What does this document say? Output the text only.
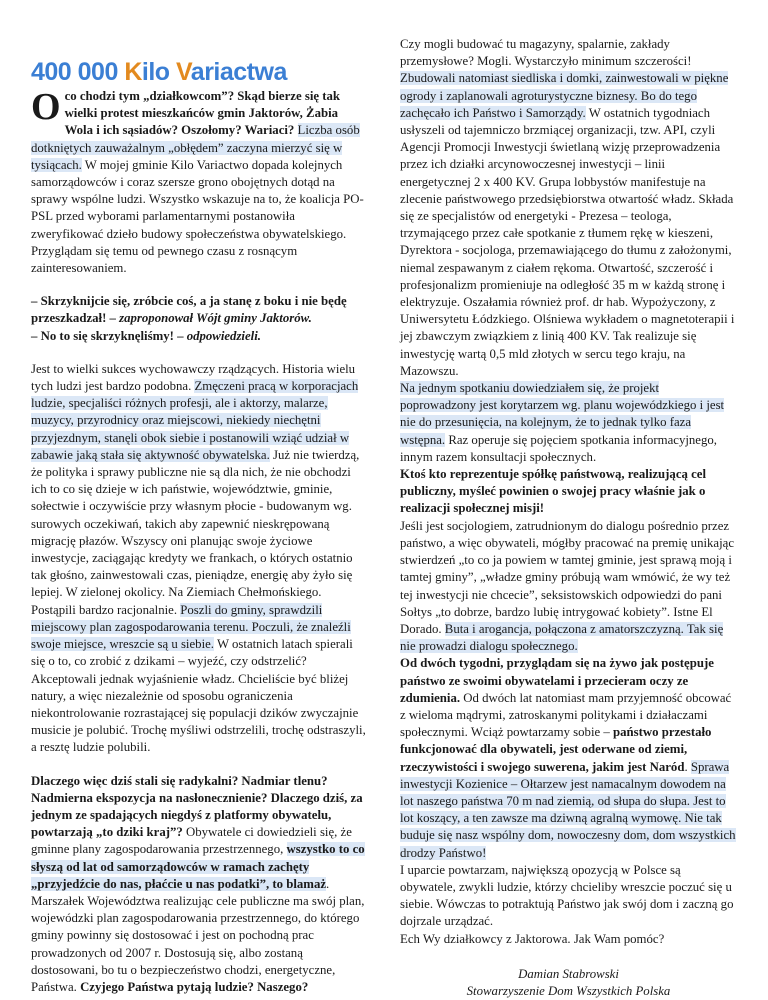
400 000 Kilo Variactwa

Oco chodzi tym „działkowcom”? Skąd bierze się tak wielki protest mieszkańców gmin Jaktorów, Żabia Wola i ich sąsiadów? Oszołomy? Wariaci? Liczba osób dotkniętych zauważalnym „obłędem” zaczyna mierzyć się w tysiącach. W mojej gminie Kilo Variactwo dopada kolejnych samorządowców i coraz szersze grono obojętnych dotąd na sprawy wspólne ludzi. Wszystko wskazuje na to, że koalicja PO-PSL przed wyborami parlamentarnymi postanowiła zweryfikować dzieło budowy społeczeństwa obywatelskiego. Przyglądam się temu od pewnego czasu z rosnącym zainteresowaniem.

– Skrzyknijcie się, zróbcie coś, a ja stanę z boku i nie będę przeszkadzał! – zaproponował Wójt gminy Jaktorów.
– No to się skrzyknęliśmy! – odpowiedzieli.

Jest to wielki sukces wychowawczy rządzących. Historia wielu tych ludzi jest bardzo podobna. Zmęczeni pracą w korporacjach ludzie, specjaliści różnych profesji, ale i aktorzy, malarze, muzycy, przyrodnicy oraz miejscowi, niekiedy niechętni przyjezdnym, stanęli obok siebie i postanowili wziąć udział w zabawie jaką stała się aktywność obywatelska. Już nie twierdzą, że polityka i sprawy publiczne nie są dla nich, że nie obchodzi ich to co się dzieje w ich państwie, województwie, gminie, sołectwie i oczywiście przy własnym płocie - budowanym wg. surowych oczekiwań, takich aby zapewnić nieskrępowaną migrację płazów. Wszyscy oni planując swoje życiowe inwestycje, zaciągając kredyty we frankach, o których ostatnio tak głośno, zainwestowali czas, pieniądze, energię aby żyło się lepiej. W zielonej okolicy. Na Ziemiach Chełmońskiego. Postąpili bardzo racjonalnie. Poszli do gminy, sprawdzili miejscowy plan zagospodarowania terenu. Poczuli, że znaleźli swoje miejsce, wreszcie są u siebie. W ostatnich latach spierali się o to, co zrobić z dzikami – wyjeźć, czy odstrzelić? Akceptowali jednak wyjaśnienie władz. Chcieliście być bliżej natury, a więc niezależnie od sposobu ograniczenia niekontrolowanie rozrastającej się populacji dzików zwyczajnie musicie je polubić. Trochę myśliwi odstrzelili, trochę odstraszyli, a resztę ludzie polubili.

Dlaczego więc dziś stali się radykalni? Nadmiar tlenu? Nadmierna ekspozycja na nasłonecznienie? Dlaczego dziś, za jednym ze spadających niegdyś z platformy obywatelu, powtarzają „to dziki kraj”? Obywatele ci dowiedzieli się, że gminne plany zagospodarowania przestrzennego, wszystko to co słyszą od lat od samorządowców w ramach zachęty „przyjedźcie do nas, płaćcie u nas podatki”, to blamaż. Marszałek Województwa realizując cele publiczne ma swój plan, wojewódzki plan zagospodarowania przestrzennego, do którego gminy powinny się dostosować i jest on pochodną prac prowadzonych od 2007 r. Dostosują się, albo zostaną dostosowani, bo tu o bezpieczeństwo chodzi, energetyczne, Państwa. Czyjego Państwa pytają ludzie? Naszego?

Czy mogli budować tu magazyny, spalarnie, zakłady przemysłowe? Mogli. Wystarczyło minimum szczerości! Zbudowali natomiast siedliska i domki, zainwestowali w piękne ogrody i zaplanowali agroturystyczne biznesy. Bo do tego zachęcało ich Państwo i Samorządy. W ostatnich tygodniach usłyszeli od tajemniczo brzmiącej organizacji, tzw. API, czyli Agencji Promocji Inwestycji świetlaną wizję przeprowadzenia przez ich działki arcynowoczesnej inwestycji – linii energetycznej 2 x 400 KV. Grupa lobbystów manifestuje na zlecenie państwowego przedsiębiorstwa otwartość władz. Składa się ze specjalistów od energetyki - Prezesa – teologa, trzymającego przez całe spotkanie z tłumem rękę w kieszeni, Dyrektora - socjologa, przemawiającego do tłumu z założonymi, niemal zespawanym z ciałem rękoma. Otwartość, szczerość i profesjonalizm promieniuje na odległość 35 m w każdą stronę i elektryzuje. Oszałamia również prof. dr hab. Wypożyczony, z Uniwersytetu Łódzkiego. Olśniewa wykładem o magnetoterapii i jej zbawczym związkiem z linią 400 KV. Tak realizuje się inwestycję wartą 0,5 mld złotych w sercu tego kraju, na Mazowszu.

Na jednym spotkaniu dowiedziałem się, że projekt poprowadzony jest korytarzem wg. planu wojewódzkiego i jest nie do przesunięcia, na kolejnym, że to jednak tylko faza wstępna. Raz operuje się pojęciem spotkania informacyjnego, innym razem konsultacji społecznych.

Ktoś kto reprezentuje spółkę państwową, realizującą cel publiczny, myśleć powinien o swojej pracy właśnie jak o realizacji społecznej misji!

Jeśli jest socjologiem, zatrudnionym do dialogu pośrednio przez państwo, a więc obywateli, mógłby pracować na premię unikając stwierdzeń „to co ja powiem w tamtej gminie, jest sprawą moją i tamtej gminy”, „władze gminy próbują wam wmówić, że wy też tej inwestycji nie chcecie”, seksistowskich odpowiedzi do pani Sołtys „to dobrze, bardzo lubię intrygować kobiety”. Istne El Dorado. Buta i arogancja, połączona z amatorszczyzną. Tak się nie prowadzi dialogu społecznego.

Od dwóch tygodni, przyglądam się na żywo jak postępuje państwo ze swoimi obywatelami i przecieram oczy ze zdumienia. Od dwóch lat natomiast mam przyjemność obcować z wieloma mądrymi, zatroskanymi politykami i działaczami społecznymi. Wciąż powtarzamy sobie – państwo przestało funkcjonować dla obywateli, jest oderwane od ziemi, rzeczywistości i swojego suwerena, jakim jest Naród. Sprawa inwestycji Kozienice – Ołtarzew jest namacalnym dowodem na lot naszego państwa 70 m nad ziemią, od słupa do słupa. Jest to lot koszący, a ten zawsze ma dziwną agralną wymowę. Nie tak buduje się nasz wspólny dom, nowoczesny dom, dom wszystkich drodzy Państwo!

I uparcie powtarzam, największą opozycją w Polsce są obywatele, zwykli ludzie, którzy chcieliby wreszcie poczuć się u siebie. Wówczas to potraktują Państwo jak swój dom i zaczną go dojrzale urządzać.

Ech Wy działkowcy z Jaktorowa. Jak Wam pomóc?

Damian Stabrowski
Stowarzyszenie Dom Wszystkich Polska
